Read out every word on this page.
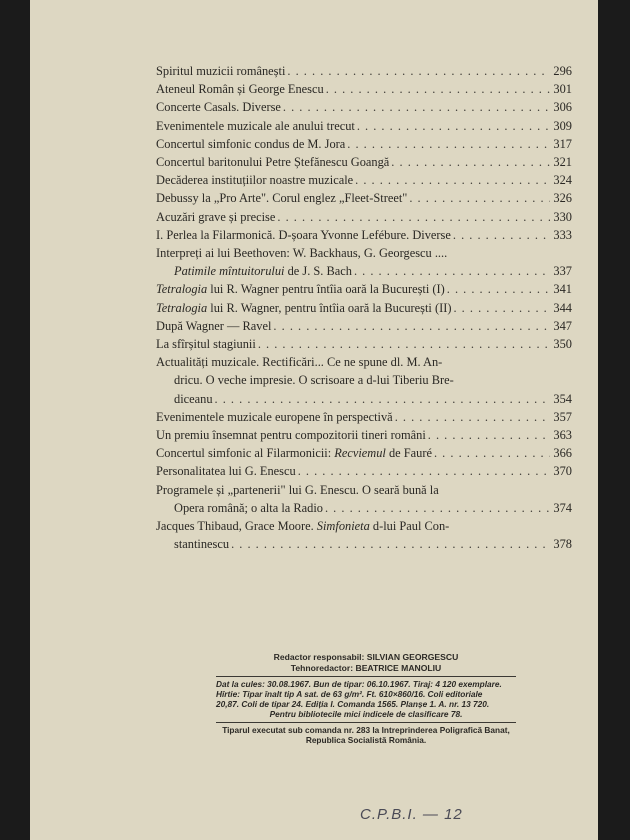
Spiritul muzicii românești . . .	296
Ateneul Român și George Enescu . . .	301
Concerte Casals. Diverse . . .	306
Evenimentele muzicale ale anului trecut . . .	309
Concertul simfonic condus de M. Jora . . .	317
Concertul baritonului Petre Ștefănescu Goangă . . .	321
Decăderea instituțiilor noastre muzicale . . .	324
Debussy la „Pro Arte". Corul englez „Fleet-Street" . . .	326
Acuzări grave și precise . . .	330
I. Perlea la Filarmonică. D-șoara Yvonne Lefébure. Diverse . . .	333
Interpreți ai lui Beethoven: W. Backhaus, G. Georgescu ....
Patimile mîntuitorului de J. S. Bach . . .	337
Tetralogia lui R. Wagner pentru întîia oară la București (I) . . .	341
Tetralogia lui R. Wagner, pentru întîia oară la București (II) . . .	344
După Wagner — Ravel . . .	347
La sfîrșitul stagiunii . . .	350
Actualități muzicale. Rectificări... Ce ne spune dl. M. An-
dricu. O veche impresie. O scrisoare a d-lui Tiberiu Bre-
diceanu . . .	354
Evenimentele muzicale europene în perspectivă . . .	357
Un premiu însemnat pentru compozitorii tineri români . . .	363
Concertul simfonic al Filarmonicii: Recviemul de Fauré . . .	366
Personalitatea lui G. Enescu . . .	370
Programele și „partenerii" lui G. Enescu. O seară bună la
Opera română; o alta la Radio . . .	374
Jacques Thibaud, Grace Moore. Simfonieta d-lui Paul Con-
stantinescu . . .	378
Redactor responsabil: SILVIAN GEORGESCU
Tehnoredactor: BEATRICE MANOLIU
Dat la cules: 30.08.1967. Bun de tipar: 06.10.1967. Tiraj: 4 120 exemplare.
Hîrtie: Tipar înalt tip A sat. de 63 g/m². Ft. 610×860/16. Coli editoriale
20,87. Coli de tipar 24. Ediția I. Comanda 1565. Planșe 1. A. nr. 13 720.
Pentru bibliotecile mici indicele de clasificare 78.
Tiparul executat sub comanda nr. 283 la Intreprinderea Poligrafică Banat,
Republica Socialistă România.
C.P.B.I. — 12
